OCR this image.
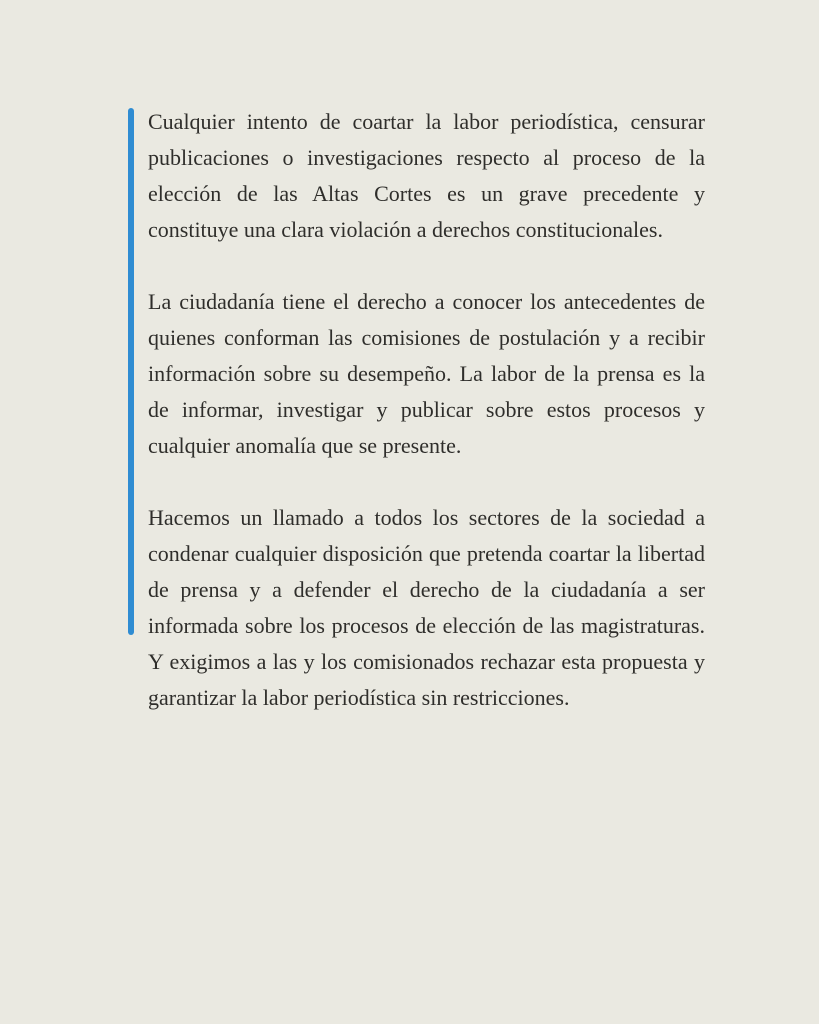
Cualquier intento de coartar la labor periodística, censurar publicaciones o investigaciones respecto al proceso de la elección de las Altas Cortes es un grave precedente y constituye una clara violación a derechos constitucionales.

La ciudadanía tiene el derecho a conocer los antecedentes de quienes conforman las comisiones de postulación y a recibir información sobre su desempeño. La labor de la prensa es la de informar, investigar y publicar sobre estos procesos y cualquier anomalía que se presente.

Hacemos un llamado a todos los sectores de la sociedad a condenar cualquier disposición que pretenda coartar la libertad de prensa y a defender el derecho de la ciudadanía a ser informada sobre los procesos de elección de las magistraturas. Y exigimos a las y los comisionados rechazar esta propuesta y garantizar la labor periodística sin restricciones.
